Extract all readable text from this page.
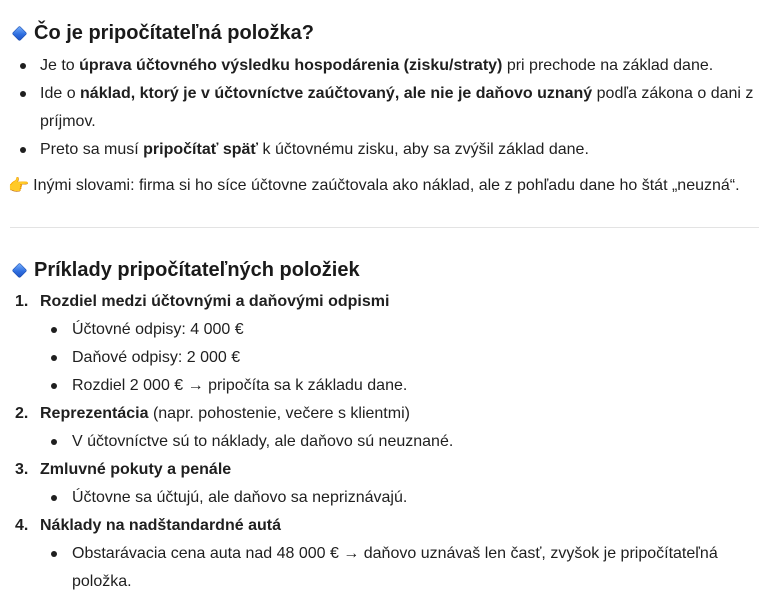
Čo je pripočítateľná položka?
Je to úprava účtovného výsledku hospodárenia (zisku/straty) pri prechode na základ dane.
Ide o náklad, ktorý je v účtovníctve zaúčtovaný, ale nie je daňovo uznaný podľa zákona o dani z príjmov.
Preto sa musí pripočítať späť k účtovnému zisku, aby sa zvýšil základ dane.
👉 Inými slovami: firma si ho síce účtovne zaúčtovala ako náklad, ale z pohľadu dane ho štát „neuzná“.
Príklady pripočítateľných položiek
1. Rozdiel medzi účtovnými a daňovými odpismi
Účtovné odpisy: 4 000 €
Daňové odpisy: 2 000 €
Rozdiel 2 000 € → pripočíta sa k základu dane.
2. Reprezentácia (napr. pohostenie, večere s klientmi)
V účtovníctve sú to náklady, ale daňovo sú neuznané.
3. Zmluvné pokuty a penále
Účtovne sa účtujú, ale daňovo sa nepriznávajú.
4. Náklady na nadštandardné autá
Obstarávacia cena auta nad 48 000 € → daňovo uznávaš len časť, zvyšok je pripočítateľná položka.
